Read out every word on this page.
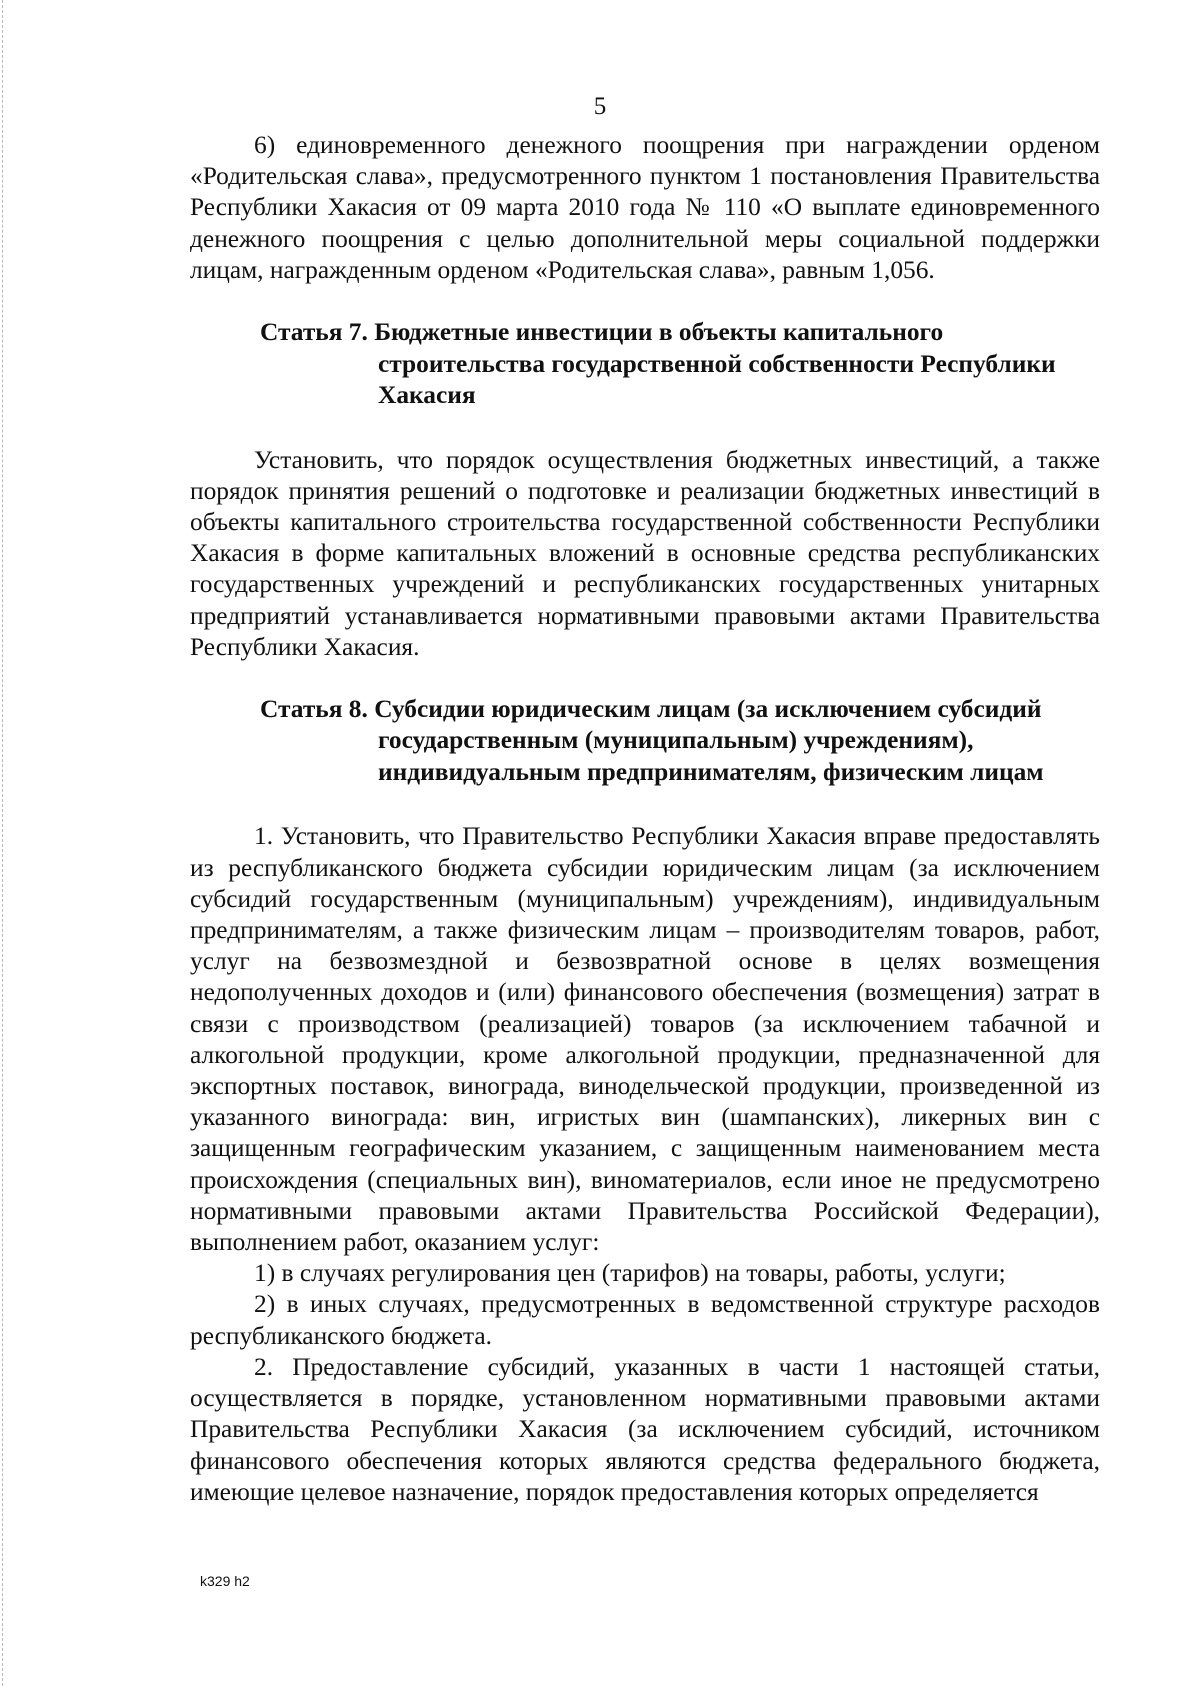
5

6) единовременного денежного поощрения при награждении орденом «Родительская слава», предусмотренного пунктом 1 постановления Правительства Республики Хакасия от 09 марта 2010 года № 110 «О выплате единовременного денежного поощрения с целью дополнительной меры социальной поддержки лицам, награжденным орденом «Родительская слава», равным 1,056.

Статья 7. Бюджетные инвестиции в объекты капитального строительства государственной собственности Республики Хакасия

Установить, что порядок осуществления бюджетных инвестиций, а также порядок принятия решений о подготовке и реализации бюджетных инвестиций в объекты капитального строительства государственной собственности Республики Хакасия в форме капитальных вложений в основные средства республиканских государственных учреждений и республиканских государственных унитарных предприятий устанавливается нормативными правовыми актами Правительства Республики Хакасия.

Статья 8. Субсидии юридическим лицам (за исключением субсидий государственным (муниципальным) учреждениям), индивидуальным предпринимателям, физическим лицам

1. Установить, что Правительство Республики Хакасия вправе предоставлять из республиканского бюджета субсидии юридическим лицам (за исключением субсидий государственным (муниципальным) учреждениям), индивидуальным предпринимателям, а также физическим лицам – производителям товаров, работ, услуг на безвозмездной и безвозвратной основе в целях возмещения недополученных доходов и (или) финансового обеспечения (возмещения) затрат в связи с производством (реализацией) товаров (за исключением табачной и алкогольной продукции, кроме алкогольной продукции, предназначенной для экспортных поставок, винограда, винодельческой продукции, произведенной из указанного винограда: вин, игристых вин (шампанских), ликерных вин с защищенным географическим указанием, с защищенным наименованием места происхождения (специальных вин), виноматериалов, если иное не предусмотрено нормативными правовыми актами Правительства Российской Федерации), выполнением работ, оказанием услуг:

1) в случаях регулирования цен (тарифов) на товары, работы, услуги;

2) в иных случаях, предусмотренных в ведомственной структуре расходов республиканского бюджета.

2. Предоставление субсидий, указанных в части 1 настоящей статьи, осуществляется в порядке, установленном нормативными правовыми актами Правительства Республики Хакасия (за исключением субсидий, источником финансового обеспечения которых являются средства федерального бюджета, имеющие целевое назначение, порядок предоставления которых определяется

k329 h2
